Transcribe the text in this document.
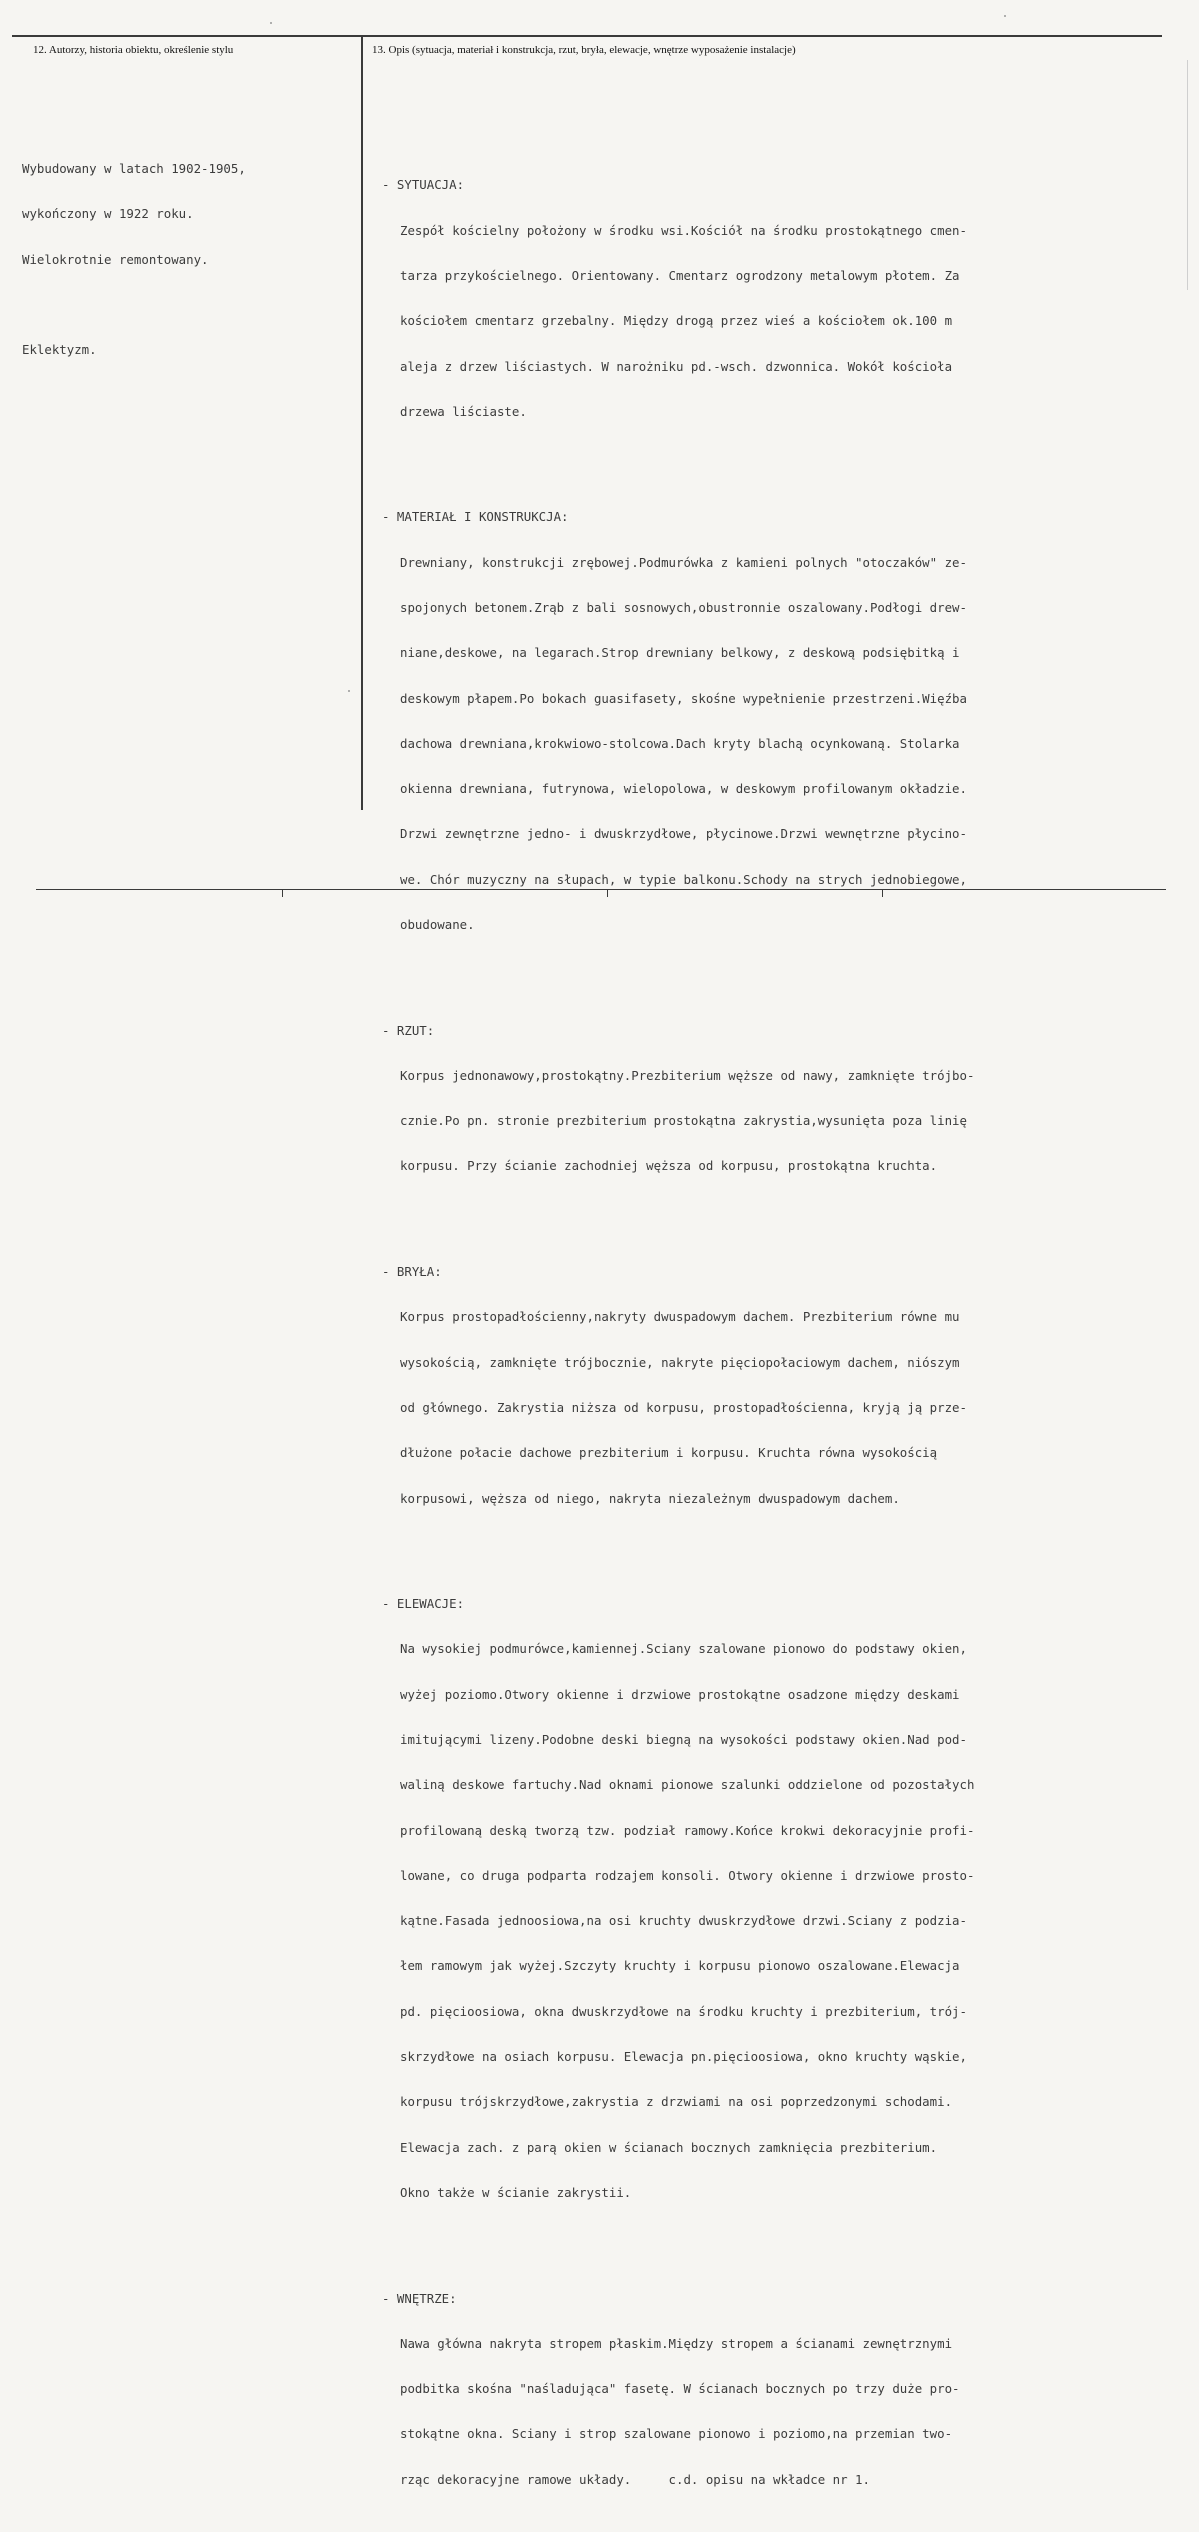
12. Autorzy, historia obiektu, określenie stylu	13. Opis (sytuacja, materiał i konstrukcja, rzut, bryła, elewacje, wnętrze wyposażenie instalacje)

Wybudowany w latach 1902-1905,

wykończony w 1922 roku.

Wielokrotnie remontowany.

Eklektyzm.

- SYTUACJA:

Zespół kościelny położony w środku wsi.Kościół na środku prostokątnego cmen-

tarza przykościelnego. Orientowany. Cmentarz ogrodzony metalowym płotem. Za

kościołem cmentarz grzebalny. Między drogą przez wieś a kościołem ok.100 m

aleja z drzew liściastych. W narożniku pd.-wsch. dzwonnica. Wokół kościoła

drzewa liściaste.

- MATERIAŁ I KONSTRUKCJA:

Drewniany, konstrukcji zrębowej.Podmurówka z kamieni polnych "otoczaków" ze-

spojonych betonem.Zrąb z bali sosnowych,obustronnie oszalowany.Podłogi drew-

niane,deskowe, na legarach.Strop drewniany belkowy, z deskową podsiębitką i

deskowym płapem.Po bokach guasifasety, skośne wypełnienie przestrzeni.Więźba

dachowa drewniana,krokwiowo-stolcowa.Dach kryty blachą ocynkowaną. Stolarka

okienna drewniana, futrynowa, wielopolowa, w deskowym profilowanym okładzie.

Drzwi zewnętrzne jedno- i dwuskrzydłowe, płycinowe.Drzwi wewnętrzne płycino-

we. Chór muzyczny na słupach, w typie balkonu.Schody na strych jednobiegowe,

obudowane.

- RZUT:

Korpus jednonawowy,prostokątny.Prezbiterium węższe od nawy, zamknięte trójbo-

cznie.Po pn. stronie prezbiterium prostokątna zakrystia,wysunięta poza linię

korpusu. Przy ścianie zachodniej węższa od korpusu, prostokątna kruchta.

- BRYŁA:

Korpus prostopadłościenny,nakryty dwuspadowym dachem. Prezbiterium równe mu

wysokością, zamknięte trójbocznie, nakryte pięciopołaciowym dachem, niószym

od głównego. Zakrystia niższa od korpusu, prostopadłościenna, kryją ją prze-

dłużone połacie dachowe prezbiterium i korpusu. Kruchta równa wysokością

korpusowi, węższa od niego, nakryta niezależnym dwuspadowym dachem.

- ELEWACJE:

Na wysokiej podmurówce,kamiennej.Sciany szalowane pionowo do podstawy okien,

wyżej poziomo.Otwory okienne i drzwiowe prostokątne osadzone między deskami

imitującymi lizeny.Podobne deski biegną na wysokości podstawy okien.Nad pod-

waliną deskowe fartuchy.Nad oknami pionowe szalunki oddzielone od pozostałych

profilowaną deską tworzą tzw. podział ramowy.Końce krokwi dekoracyjnie profi-

lowane, co druga podparta rodzajem konsoli. Otwory okienne i drzwiowe prosto-

kątne.Fasada jednoosiowa,na osi kruchty dwuskrzydłowe drzwi.Sciany z podzia-

łem ramowym jak wyżej.Szczyty kruchty i korpusu pionowo oszalowane.Elewacja

pd. pięcioosiowa, okna dwuskrzydłowe na środku kruchty i prezbiterium, trój-

skrzydłowe na osiach korpusu. Elewacja pn.pięcioosiowa, okno kruchty wąskie,

korpusu trójskrzydłowe,zakrystia z drzwiami na osi poprzedzonymi schodami.

Elewacja zach. z parą okien w ścianach bocznych zamknięcia prezbiterium.

Okno także w ścianie zakrystii.

- WNĘTRZE:

Nawa główna nakryta stropem płaskim.Między stropem a ścianami zewnętrznymi

podbitka skośna "naśladująca" fasetę. W ścianach bocznych po trzy duże pro-

stokątne okna. Sciany i strop szalowane pionowo i poziomo,na przemian two-

rząc dekoracyjne ramowe układy.     c.d. opisu na wkładce nr 1.
